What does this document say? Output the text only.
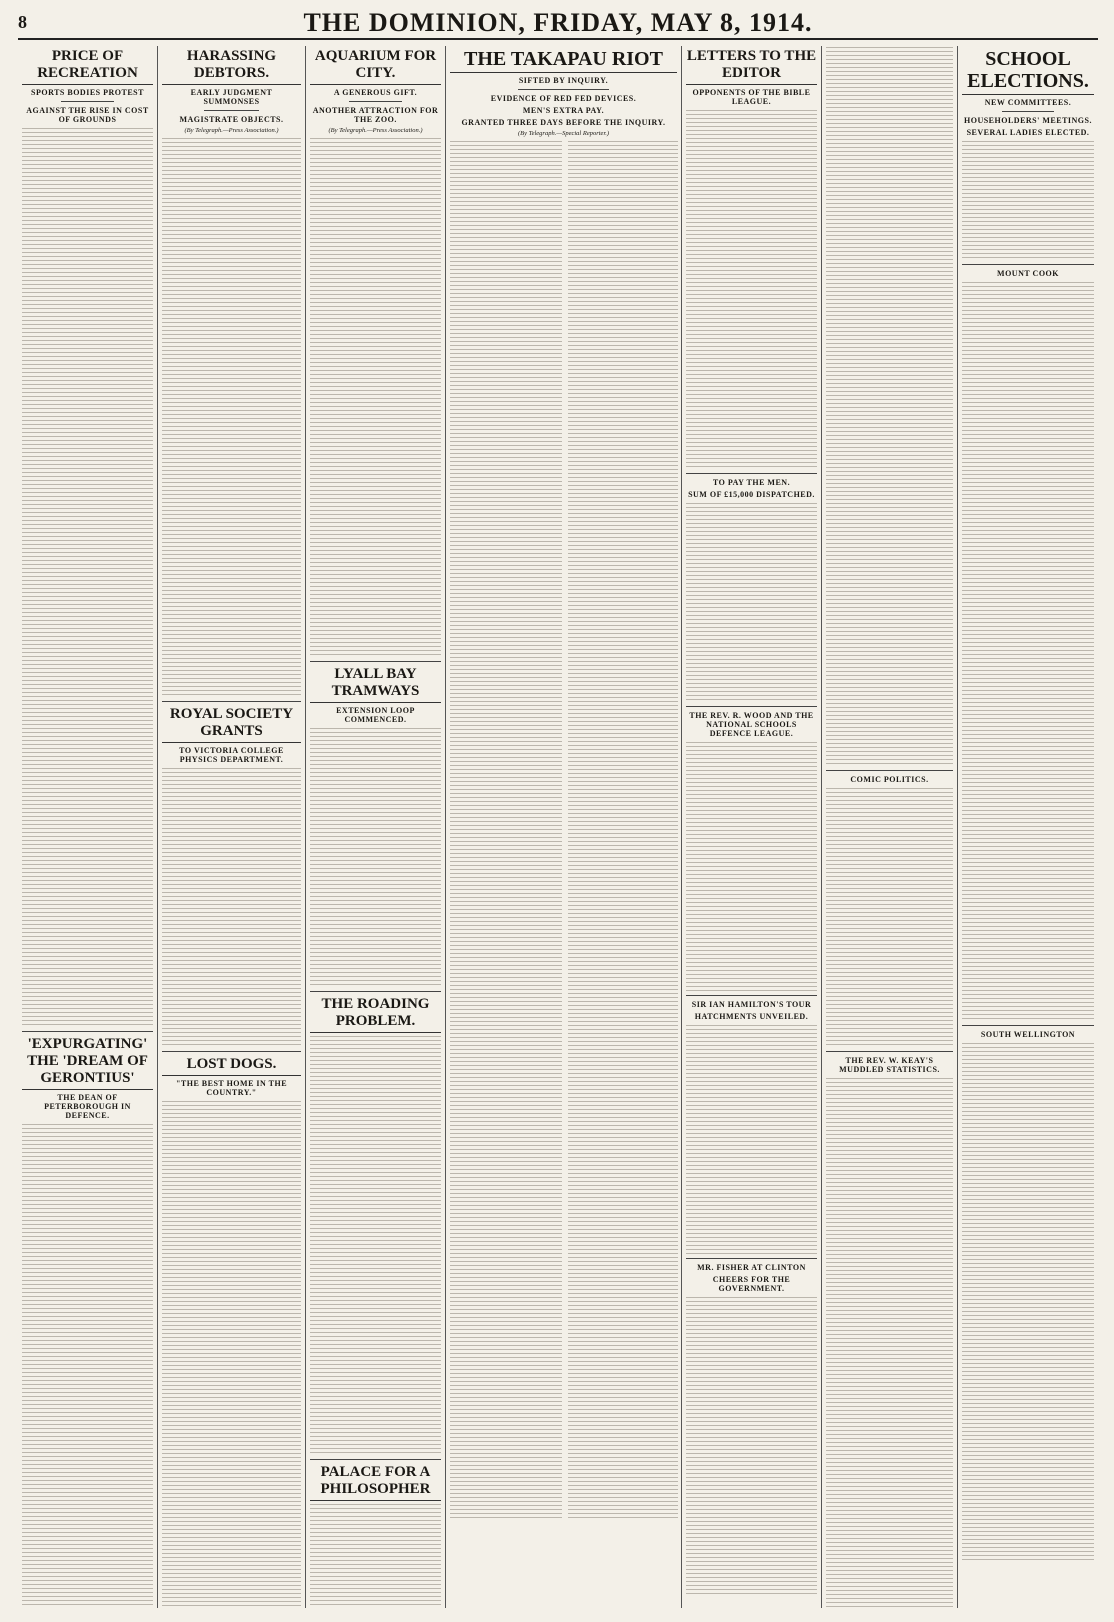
8	THE DOMINION, FRIDAY, MAY 8, 1914.
PRICE OF RECREATION
SPORTS BODIES PROTEST
AGAINST THE RISE IN COST OF GROUNDS
'EXPURGATING' THE 'DREAM OF GERONTIUS'
THE DEAN OF PETERBOROUGH IN DEFENCE.
HARASSING DEBTORS.
EARLY JUDGMENT SUMMONSES
MAGISTRATE OBJECTS.
(By Telegraph.—Press Association.)
ROYAL SOCIETY GRANTS
TO VICTORIA COLLEGE PHYSICS DEPARTMENT.
LOST DOGS.
"THE BEST HOME IN THE COUNTRY."
AQUARIUM FOR CITY.
A GENEROUS GIFT.
ANOTHER ATTRACTION FOR THE ZOO.
(By Telegraph.—Press Association.)
LYALL BAY TRAMWAYS
EXTENSION LOOP COMMENCED.
THE ROADING PROBLEM.
PALACE FOR A PHILOSOPHER
THE TAKAPAU RIOT
SIFTED BY INQUIRY.
EVIDENCE OF RED FED DEVICES.
MEN'S EXTRA PAY.
GRANTED THREE DAYS BEFORE THE INQUIRY.
(By Telegraph.—Special Reporter.)
LETTERS TO THE EDITOR
OPPONENTS OF THE BIBLE LEAGUE.
TO PAY THE MEN.
SUM OF £15,000 DISPATCHED.
THE REV. R. WOOD AND THE NATIONAL SCHOOLS DEFENCE LEAGUE.
SIR IAN HAMILTON'S TOUR
HATCHMENTS UNVEILED.
MR. FISHER AT CLINTON
CHEERS FOR THE GOVERNMENT.
COMIC POLITICS.
THE REV. W. KEAY'S MUDDLED STATISTICS.
SCHOOL ELECTIONS.
NEW COMMITTEES.
HOUSEHOLDERS' MEETINGS.
SEVERAL LADIES ELECTED.
MOUNT COOK
SOUTH WELLINGTON
